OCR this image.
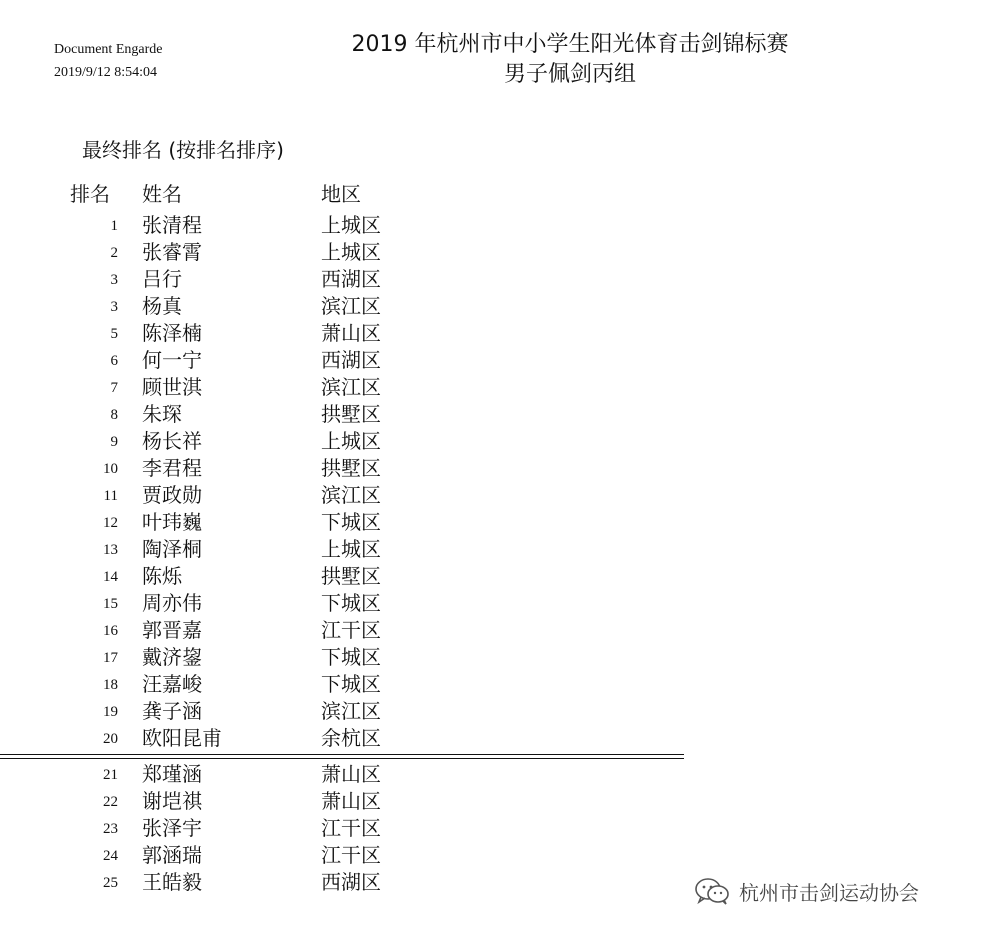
Document Engarde
2019/9/12 8:54:04
2019 年杭州市中小学生阳光体育击剑锦标赛
男子佩剑丙组
最终排名 (按排名排序)
排名 姓名	地区
1 张清程	上城区
2 张睿霄	上城区
3 吕行	西湖区
3 杨真	滨江区
5 陈泽楠	萧山区
6 何一宁	西湖区
7 顾世淇	滨江区
8 朱琛	拱墅区
9 杨长祥	上城区
10 李君程	拱墅区
11 贾政勋	滨江区
12 叶玮巍	下城区
13 陶泽桐	上城区
14 陈烁	拱墅区
15 周亦伟	下城区
16 郭晋嘉	江干区
17 戴济鋆	下城区
18 汪嘉峻	下城区
19 龚子涵	滨江区
20 欧阳昆甫	余杭区
21 郑瑾涵	萧山区
22 谢垲祺	萧山区
23 张泽宇	江干区
24 郭涵瑞	江干区
25 王皓毅	西湖区	杭州市击剑运动协会
